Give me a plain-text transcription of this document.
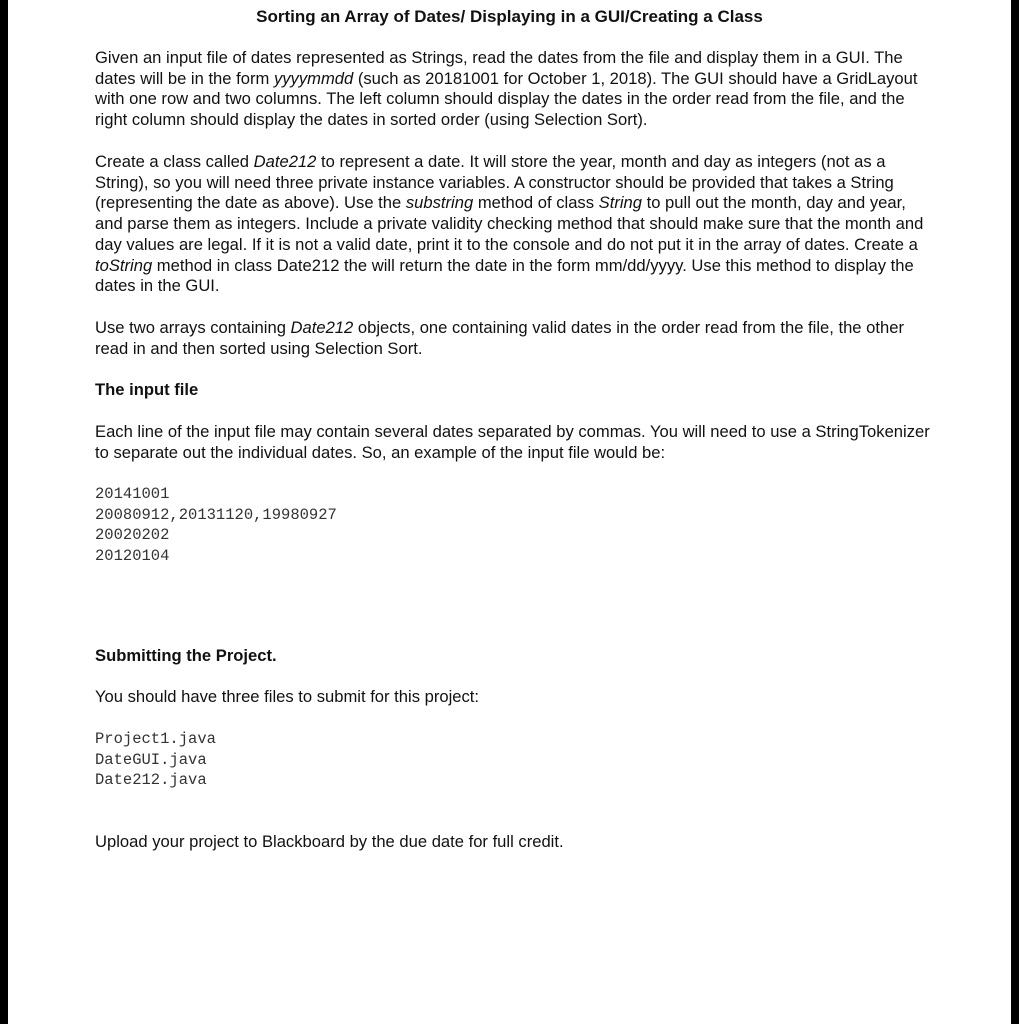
Sorting an Array of Dates/ Displaying in a GUI/Creating a Class

Given an input file of dates represented as Strings, read the dates from the file and display them in a GUI. The dates will be in the form yyyymmdd (such as 20181001 for October 1, 2018). The GUI should have a GridLayout with one row and two columns. The left column should display the dates in the order read from the file, and the right column should display the dates in sorted order (using Selection Sort).

Create a class called Date212 to represent a date. It will store the year, month and day as integers (not as a String), so you will need three private instance variables. A constructor should be provided that takes a String (representing the date as above). Use the substring method of class String to pull out the month, day and year, and parse them as integers. Include a private validity checking method that should make sure that the month and day values are legal. If it is not a valid date, print it to the console and do not put it in the array of dates. Create a toString method in class Date212 the will return the date in the form mm/dd/yyyy. Use this method to display the dates in the GUI.

Use two arrays containing Date212 objects, one containing valid dates in the order read from the file, the other read in and then sorted using Selection Sort.

The input file

Each line of the input file may contain several dates separated by commas. You will need to use a StringTokenizer to separate out the individual dates. So, an example of the input file would be:

20141001
20080912,20131120,19980927
20020202
20120104

Submitting the Project.

You should have three files to submit for this project:

Project1.java
DateGUI.java
Date212.java

Upload your project to Blackboard by the due date for full credit.
